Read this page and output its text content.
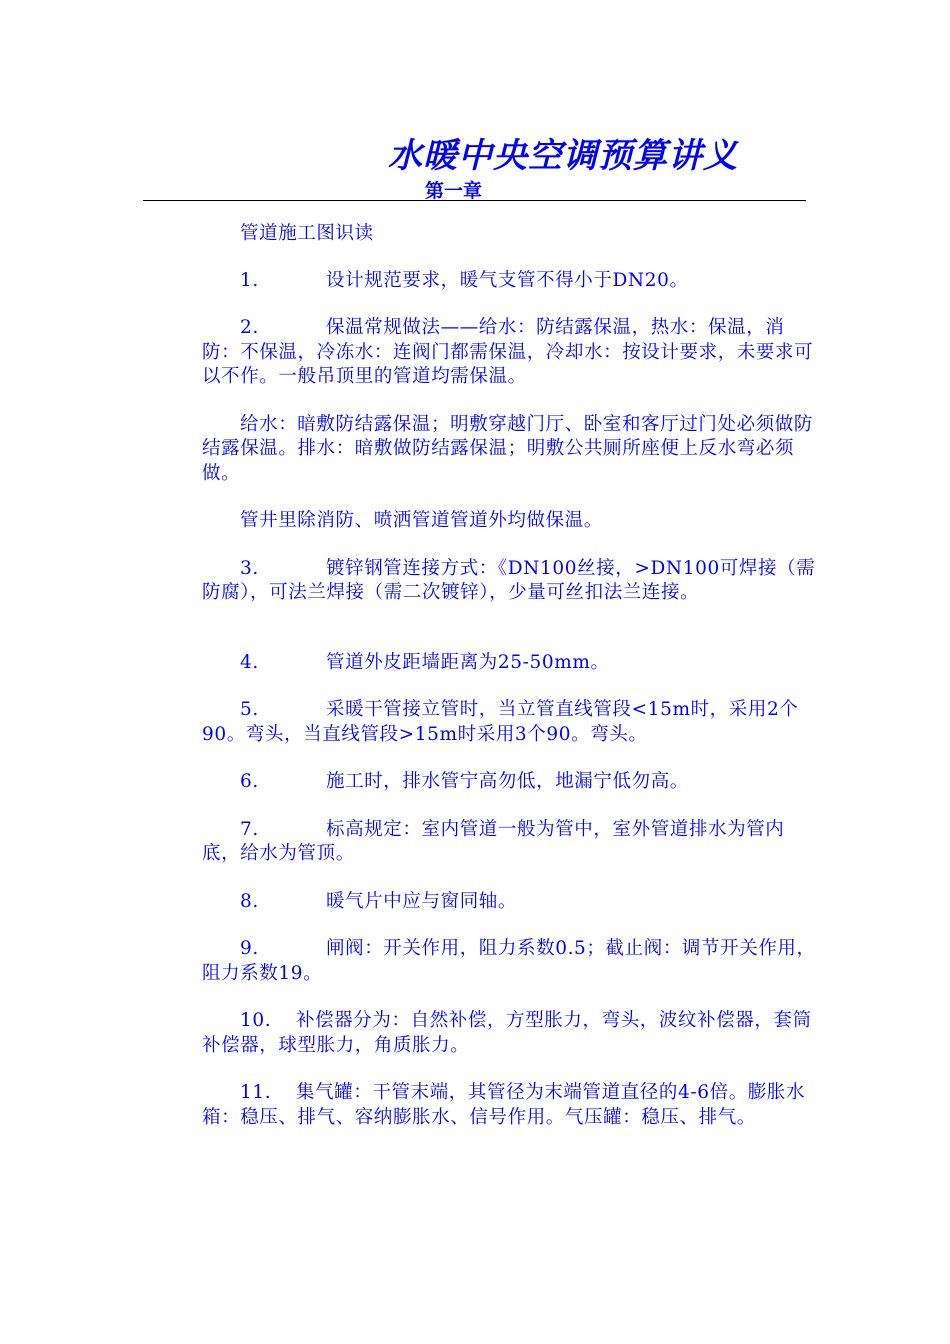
水暖中央空调预算讲义
第一章

管道施工图识读

1.	设计规范要求，暖气支管不得小于DN20。

2.	保温常规做法——给水：防结露保温，热水：保温，消防：不保温，冷冻水：连阀门都需保温，冷却水：按设计要求，未要求可以不作。一般吊顶里的管道均需保温。

给水：暗敷防结露保温；明敷穿越门厅、卧室和客厅过门处必须做防结露保温。排水：暗敷做防结露保温；明敷公共厕所座便上反水弯必须做。

管井里除消防、喷洒管道管道外均做保温。

3.	镀锌钢管连接方式：《DN100丝接，>DN100可焊接（需防腐），可法兰焊接（需二次镀锌），少量可丝扣法兰连接。

4.	管道外皮距墙距离为25-50mm。

5.	采暖干管接立管时，当立管直线管段<15m时，采用2个90。弯头，当直线管段>15m时采用3个90。弯头。

6.	施工时，排水管宁高勿低，地漏宁低勿高。

7.	标高规定：室内管道一般为管中，室外管道排水为管内底，给水为管顶。

8.	暖气片中应与窗同轴。

9.	闸阀：开关作用，阻力系数0.5；截止阀：调节开关作用，阻力系数19。

10. 补偿器分为：自然补偿，方型胀力，弯头，波纹补偿器，套筒补偿器，球型胀力，角质胀力。

11. 集气罐：干管末端，其管径为末端管道直径的4-6倍。膨胀水箱：稳压、排气、容纳膨胀水、信号作用。气压罐：稳压、排气。
